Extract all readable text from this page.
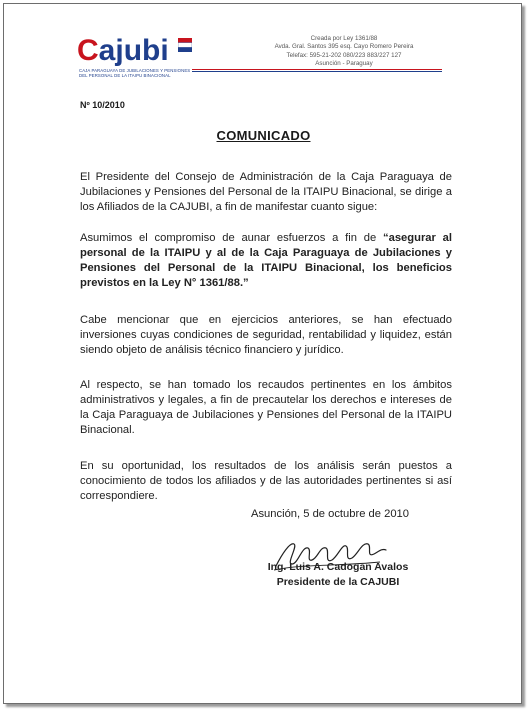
Cajubi
CAJA PARAGUAYA DE JUBILACIONES Y PENSIONES
DEL PERSONAL DE LA ITAIPU BINACIONAL
Creada por Ley 1361/88
Avda. Gral. Santos 395 esq. Cayo Romero Pereira
Telefax: 595-21-202 080/223 883/227 127
Asunción - Paraguay
Nº 10/2010
COMUNICADO
El Presidente del Consejo de Administración de la Caja Paraguaya de Jubilaciones y Pensiones del Personal de la ITAIPU Binacional, se dirige a los Afiliados de la CAJUBI, a fin de manifestar cuanto sigue:
Asumimos el compromiso de aunar esfuerzos a fin de “asegurar al personal de la ITAIPU y al de la Caja Paraguaya de Jubilaciones y Pensiones del Personal de la ITAIPU Binacional, los beneficios previstos en la Ley N° 1361/88.”
Cabe mencionar que en ejercicios anteriores, se han efectuado inversiones cuyas condiciones de seguridad, rentabilidad y liquidez, están siendo objeto de análisis técnico financiero y jurídico.
Al respecto, se han tomado los recaudos pertinentes en los ámbitos administrativos y legales, a fin de precautelar los derechos e intereses de la Caja Paraguaya de Jubilaciones y Pensiones del Personal de la ITAIPU Binacional.
En su oportunidad, los resultados de los análisis serán puestos a conocimiento de todos los afiliados y de las autoridades pertinentes si así correspondiere.
Asunción, 5 de octubre de 2010
Ing. Luis A. Cadogan Avalos
Presidente de la CAJUBI
